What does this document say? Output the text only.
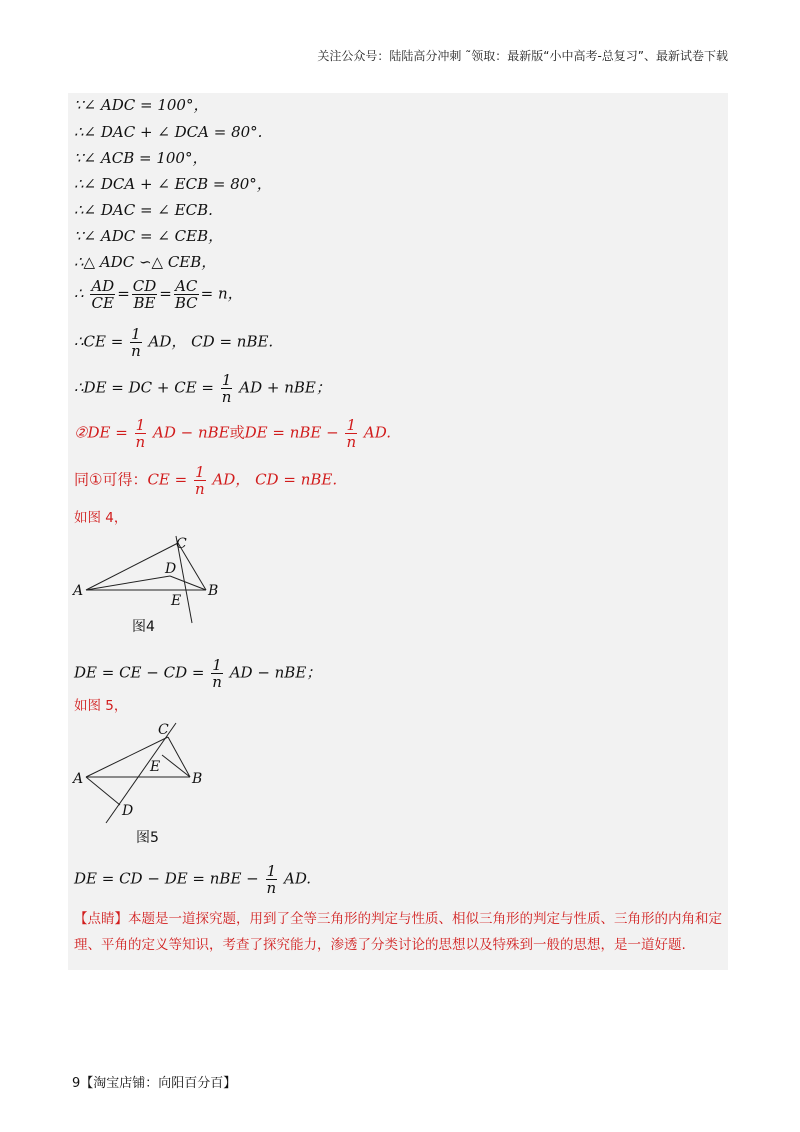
关注公众号：陆陆高分冲刺 ˜领取：最新版“小中高考-总复习”、最新试卷下载
∵∠ ADC = 100°，
∴∠ DAC + ∠ DCA = 80°.
∵∠ ACB = 100°，
∴∠ DCA + ∠ ECB = 80°，
∴∠ DAC = ∠ ECB.
∵∠ ADC = ∠ CEB，
∴△ ADC ∽△ CEB，
∴ $\frac{AD}{CE} = \frac{CD}{BE} = \frac{AC}{BC} = n$，
∴CE = $\frac{1}{n}$ AD， CD = nBE.
∴DE = DC + CE = $\frac{1}{n}$ AD + nBE；
②DE = $\frac{1}{n}$ AD − nBE或DE = nBE − $\frac{1}{n}$ AD.
同①可得：CE = $\frac{1}{n}$ AD， CD = nBE.
如图 4，
A	B
C
D
E
图4
DE = CE − CD = $\frac{1}{n}$ AD − nBE；
如图 5，
A	B
C
D
E
图5
DE = CD − DE = nBE − $\frac{1}{n}$ AD.
【点睛】本题是一道探究题，用到了全等三角形的判定与性质、相似三角形的判定与性质、三角形的内角和定理、平角的定义等知识，考查了探究能力，渗透了分类讨论的思想以及特殊到一般的思想，是一道好题.
9【淘宝店铺：向阳百分百】
